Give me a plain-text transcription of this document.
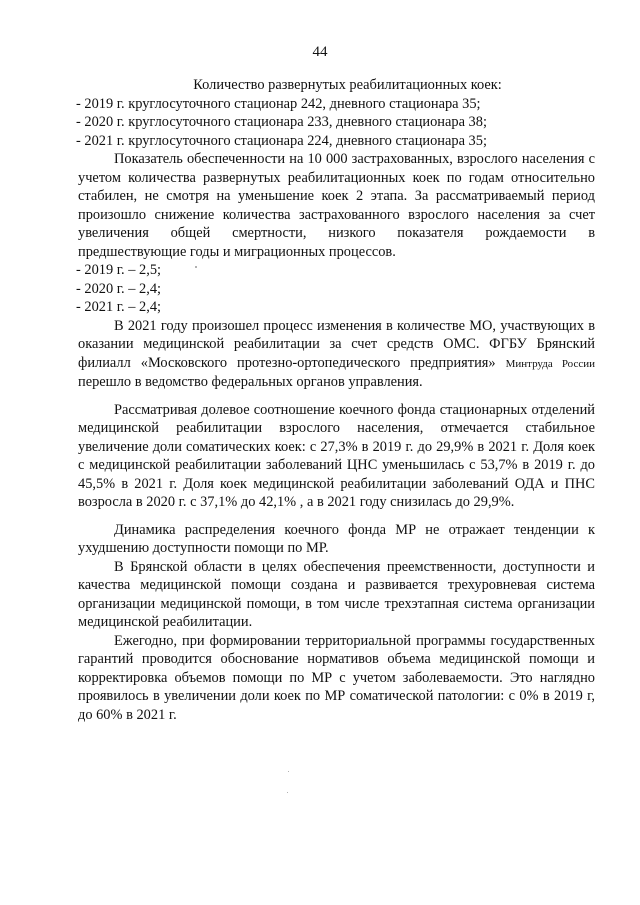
44

Количество развернутых реабилитационных коек:

- 2019 г. круглосуточного стационар 242, дневного стационара 35;

- 2020 г. круглосуточного стационара 233, дневного стационара 38;

- 2021 г. круглосуточного стационара 224, дневного стационара 35;

Показатель обеспеченности на 10 000 застрахованных, взрослого населения с учетом количества развернутых реабилитационных коек по годам относительно стабилен, не смотря на уменьшение коек 2 этапа. За рассматриваемый период произошло снижение количества застрахованного взрослого населения за счет увеличения общей смертности, низкого показателя рождаемости в предшествующие годы и миграционных процессов.

- 2019 г. – 2,5;

- 2020 г. – 2,4;

- 2021 г. – 2,4;

В 2021 году произошел процесс изменения в количестве МО, участвующих в оказании медицинской реабилитации за счет средств ОМС. ФГБУ Брянский филиалл «Московского протезно-ортопедического предприятия» Минтруда России перешло в ведомство федеральных органов управления.

Рассматривая долевое соотношение коечного фонда стационарных отделений медицинской реабилитации взрослого населения, отмечается стабильное увеличение доли соматических коек: с 27,3% в 2019 г. до 29,9% в 2021 г. Доля коек с медицинской реабилитации заболеваний ЦНС уменьшилась с 53,7% в 2019 г. до 45,5% в 2021 г. Доля коек медицинской реабилитации заболеваний ОДА и ПНС возросла в 2020 г. с 37,1% до 42,1% , а в 2021 году снизилась до 29,9%.

Динамика распределения коечного фонда МР не отражает тенденции к ухудшению доступности помощи по МР.

В Брянской области в целях обеспечения преемственности, доступности и качества медицинской помощи создана и развивается трехуровневая система организации медицинской помощи, в том числе трехэтапная система организации медицинской реабилитации.

Ежегодно, при формировании территориальной программы государственных гарантий проводится обоснование нормативов объема медицинской помощи и корректировка объемов помощи по МР с учетом заболеваемости. Это наглядно проявилось в увеличении доли коек по МР соматической патологии: с 0% в 2019 г, до 60% в 2021 г.
